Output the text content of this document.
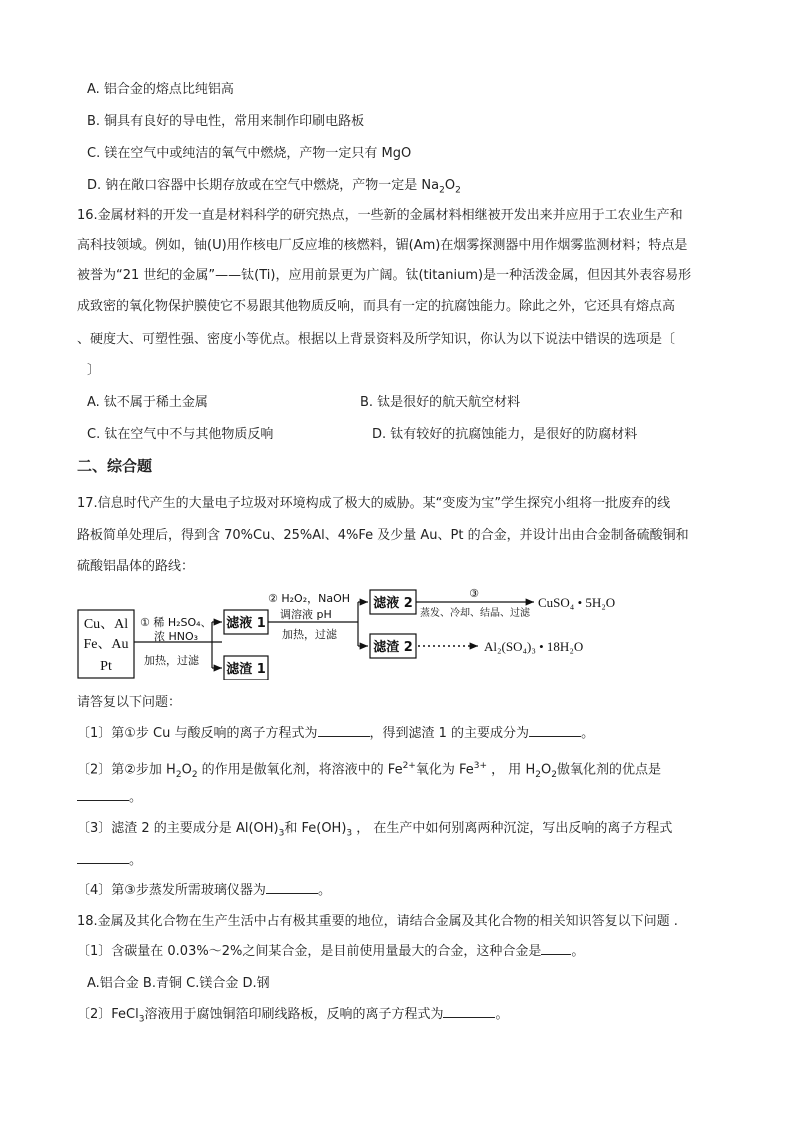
A. 铝合金的熔点比纯铝高
B. 铜具有良好的导电性，常用来制作印刷电路板
C. 镁在空气中或纯洁的氧气中燃烧，产物一定只有 MgO
D. 钠在敞口容器中长期存放或在空气中燃烧，产物一定是 $Na_2O_2$
16.金属材料的开发一直是材料科学的研究热点，一些新的金属材料相继被开发出来并应用于工农业生产和
高科技领域。例如，铀(U)用作核电厂反应堆的核燃料，镅(Am)在烟雾探测器中用作烟雾监测材料；特点是
被誉为“21 世纪的金属”——钛(Ti)，应用前景更为广阔。钛(titanium)是一种活泼金属，但因其外表容易形
成致密的氧化物保护膜使它不易跟其他物质反响，而具有一定的抗腐蚀能力。除此之外，它还具有熔点高
、硬度大、可塑性强、密度小等优点。根据以上背景资料及所学知识，你认为以下说法中错误的选项是〔
〕
A. 钛不属于稀土金属	B. 钛是很好的航天航空材料
C. 钛在空气中不与其他物质反响	D. 钛有较好的抗腐蚀能力，是很好的防腐材料
二、综合题
17.信息时代产生的大量电子垃圾对环境构成了极大的威胁。某“变废为宝”学生探究小组将一批废弃的线
路板简单处理后，得到含 70%Cu、25%Al、4%Fe 及少量 Au、Pt 的合金，并设计出由合金制备硫酸铜和
硫酸铝晶体的路线：
Cu、Al
Fe、Au
Pt
① 稀 H₂SO₄、
浓 HNO₃
加热，过滤
滤液 1
滤渣 1
② H₂O₂，NaOH
调溶液 pH
加热，过滤
滤液 2
滤渣 2
③
蒸发、冷却、结晶、过滤
CuSO₄ • 5H₂O
Al₂(SO₄)₃ • 18H₂O
请答复以下问题：
〔1〕第①步 Cu 与酸反响的离子方程式为	，得到滤渣 1 的主要成分为	。
〔2〕第②步加 $H_2O_2$ 的作用是傲氧化剂，将溶液中的 $Fe^{2+}$氧化为 $Fe^{3+}$ ， 用 $H_2O_2$傲氧化剂的优点是
。
〔3〕滤渣 2 的主要成分是 $Al(OH)_3$和 $Fe(OH)_3$ ， 在生产中如何别离两种沉淀，写出反响的离子方程式
。
〔4〕第③步蒸发所需玻璃仪器为	。
18.金属及其化合物在生产生活中占有极其重要的地位，请结合金属及其化合物的相关知识答复以下问题 .
〔1〕含碳量在 0.03%～2%之间某合金，是目前使用量最大的合金，这种合金是 。
A.铝合金 B.青铜 C.镁合金 D.钢
〔2〕FeCl$_3$溶液用于腐蚀铜箔印刷线路板，反响的离子方程式为	。
